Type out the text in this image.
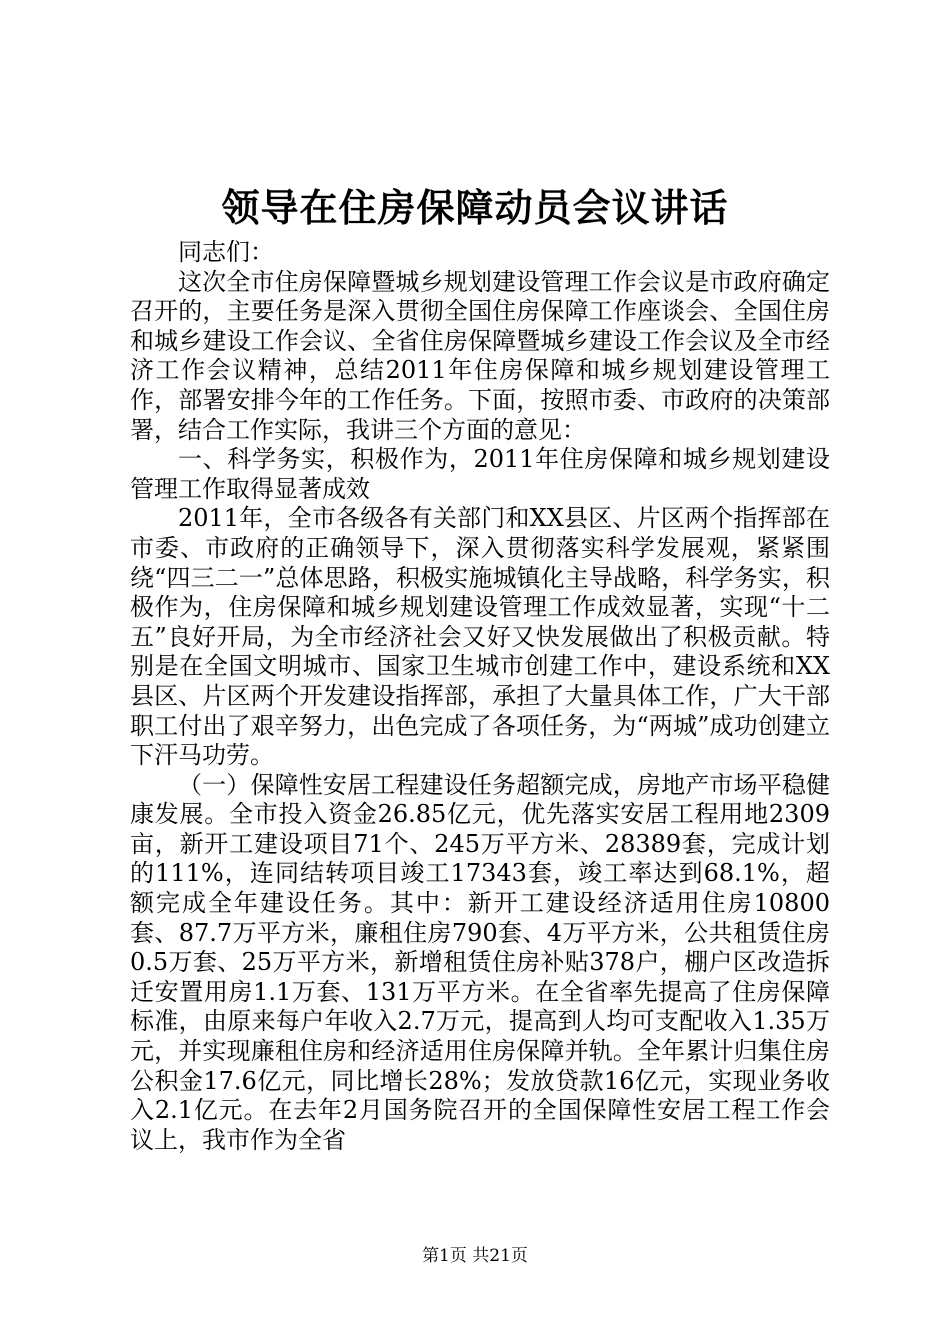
领导在住房保障动员会议讲话

同志们：

这次全市住房保障暨城乡规划建设管理工作会议是市政府确定召开的，主要任务是深入贯彻全国住房保障工作座谈会、全国住房和城乡建设工作会议、全省住房保障暨城乡建设工作会议及全市经济工作会议精神，总结2011年住房保障和城乡规划建设管理工作，部署安排今年的工作任务。下面，按照市委、市政府的决策部署，结合工作实际，我讲三个方面的意见：

一、科学务实，积极作为，2011年住房保障和城乡规划建设管理工作取得显著成效

2011年，全市各级各有关部门和XX县区、片区两个指挥部在市委、市政府的正确领导下，深入贯彻落实科学发展观，紧紧围绕“四三二一”总体思路，积极实施城镇化主导战略，科学务实，积极作为，住房保障和城乡规划建设管理工作成效显著，实现“十二五”良好开局，为全市经济社会又好又快发展做出了积极贡献。特别是在全国文明城市、国家卫生城市创建工作中，建设系统和XX县区、片区两个开发建设指挥部，承担了大量具体工作，广大干部职工付出了艰辛努力，出色完成了各项任务，为“两城”成功创建立下汗马功劳。

（一）保障性安居工程建设任务超额完成，房地产市场平稳健康发展。全市投入资金26.85亿元，优先落实安居工程用地2309亩，新开工建设项目71个、245万平方米、28389套，完成计划的111%，连同结转项目竣工17343套，竣工率达到68.1%，超额完成全年建设任务。其中：新开工建设经济适用住房10800套、87.7万平方米，廉租住房790套、4万平方米，公共租赁住房0.5万套、25万平方米，新增租赁住房补贴378户，棚户区改造拆迁安置用房1.1万套、131万平方米。在全省率先提高了住房保障标准，由原来每户年收入2.7万元，提高到人均可支配收入1.35万元，并实现廉租住房和经济适用住房保障并轨。全年累计归集住房公积金17.6亿元，同比增长28%；发放贷款16亿元，实现业务收入2.1亿元。在去年2月国务院召开的全国保障性安居工程工作会议上，我市作为全省

第1页 共21页
